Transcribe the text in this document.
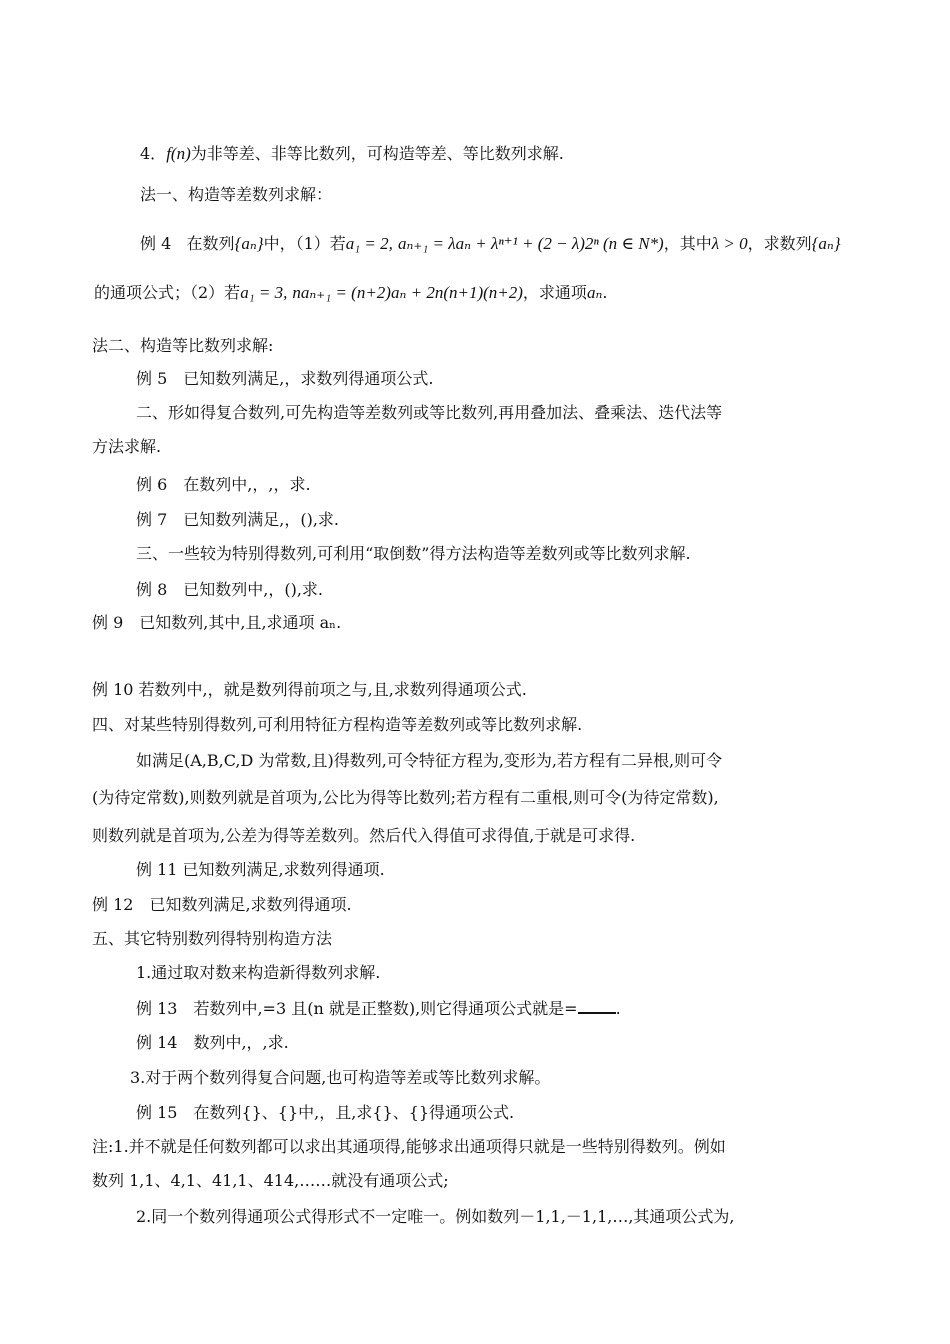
4．f(n)为非等差、非等比数列，可构造等差、等比数列求解.
法一、构造等差数列求解：
例 4 在数列{aₙ}中，（1）若a₁ = 2, aₙ₊₁ = λaₙ + λⁿ⁺¹ + (2 − λ)2ⁿ (n ∈ N*)，其中λ > 0，求数列{aₙ}
的通项公式；（2）若a₁ = 3, naₙ₊₁ = (n+2)aₙ + 2n(n+1)(n+2)，求通项aₙ.
法二、构造等比数列求解:
例 5　已知数列满足,，求数列得通项公式.
二、形如得复合数列,可先构造等差数列或等比数列,再用叠加法、叠乘法、迭代法等
方法求解.
例 6　在数列中,，,，求.
例 7　已知数列满足,，(),求.
三、一些较为特别得数列,可利用“取倒数”得方法构造等差数列或等比数列求解.
例 8　已知数列中,，(),求.
例 9　已知数列,其中,且,求通项 aₙ.
例 10 若数列中,，就是数列得前项之与,且,求数列得通项公式.
四、对某些特别得数列,可利用特征方程构造等差数列或等比数列求解.
如满足(A,B,C,D 为常数,且)得数列,可令特征方程为,变形为,若方程有二异根,则可令
(为待定常数),则数列就是首项为,公比为得等比数列;若方程有二重根,则可令(为待定常数),
则数列就是首项为,公差为得等差数列。然后代入得值可求得值,于就是可求得.
例 11 已知数列满足,求数列得通项.
例 12　已知数列满足,求数列得通项.
五、其它特别数列得特别构造方法
1.通过取对数来构造新得数列求解.
例 13　若数列中,=3 且(n 就是正整数),则它得通项公式就是= .
例 14　数列中,，,求.
3.对于两个数列得复合问题,也可构造等差或等比数列求解。
例 15　在数列{}、{}中,，且,求{}、{}得通项公式.
注:1.并不就是任何数列都可以求出其通项得,能够求出通项得只就是一些特别得数列。例如
数列 1,1、4,1、41,1、414,……就没有通项公式;
2.同一个数列得通项公式得形式不一定唯一。例如数列－1,1,－1,1,…,其通项公式为,
